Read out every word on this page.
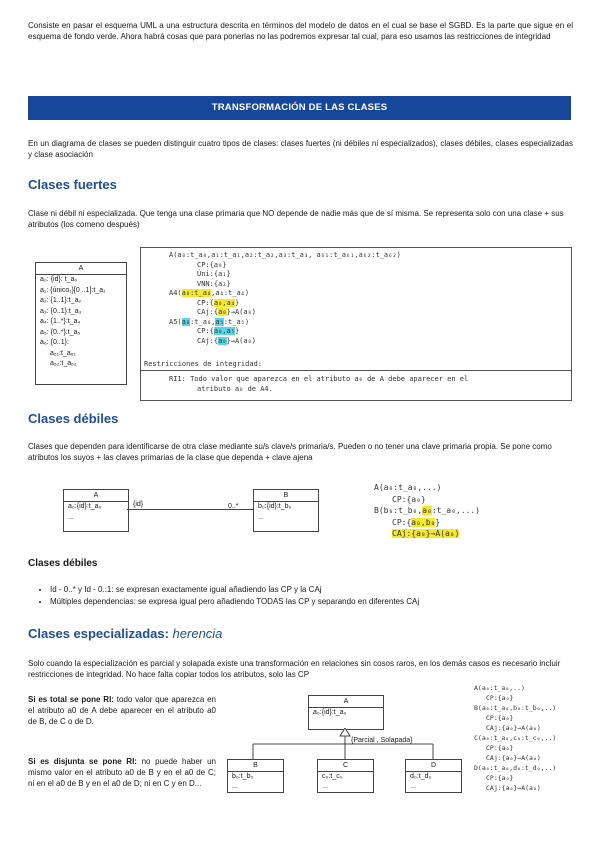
Consiste en pasar el esquema UML a una estructura descrita en términos del modelo de datos en el cual se base el SGBD. Es la parte que sigue en el esquema de fondo verde. Ahora habrá cosas que para ponerlas no las podremos expresar tal cual, para eso usamos las restricciones de integridad
TRANSFORMACIÓN DE LAS CLASES
En un diagrama de clases se pueden distinguir cuatro tipos de clases: clases fuertes (ni débiles ni especializados), clases débiles, clases especializadas y clase asociación
Clases fuertes
Clase ni débil ni especializada. Que tenga una clase primaria que NO depende de nadie más que de sí misma. Se representa solo con una clase + sus atributos (los comeno después)
A
a₀: {id}: t_a₀
a₁: {único₁}[0 ..1]:t_a₁
a₂: {1..1}:t_a₂
a₃: {0..1}:t_a₃
a₄: {1..*}:t_a₄
a₅: {0..*}:t_a₅
a₆: {0..1}:
a₆₁:t_a₆₁
a₆₂:t_a₆₂
A(a₀:t_a₀,a₁:t_a₁,a₂:t_a₂,a₃:t_a₃, a₆₁:t_a₆₁,a₆₂:t_a₆₂)
CP:{a₀}
Úni:{a₁}
VNN:{a₂}
A4(a₀:t_a₀,a₄:t_a₄)
CP:{a₀,a₄}
CAj:{a₀}→A(a₀)
A5(a₀:t_a₀,a₅:t_a₅)
CP:{a₀,a₅}
CAj:{a₀}→A(a₀)
Restricciones de integridad:
RI1: Todo valor que aparezca en el atributo a₀ de A debe aparecer en el
atributo a₀ de A4.
Clases débiles
Clases que dependen para identificarse de otra clase mediante su/s clave/s primaria/s. Pueden o no tener una clave primaria propia. Se pone como atributos los suyos + las claves primarias de la clase que dependa + clave ajena
A
a₀:{id}:t_a₀
...
{id}	0..*
B
b₀:{id}:t_b₀
...
A(a₀:t_a₀,...)
CP:{a₀}
B(b₀:t_b₀,a₀:t_a₀,...)
CP:{a₀,b₀}
CAj:{a₀}→A(a₀)
Clases débiles
• Id - 0..* y Id - 0..1: se expresan exactamente igual añadiendo las CP y la CAj
• Múltiples dependencias: se expresa igual pero añadiendo TODAS las CP y separando en diferentes CAj
Clases especializadas: herencia
Solo cuando la especialización es parcial y solapada existe una transformación en relaciones sin cosos raros, en los demás casos es necesario incluir restricciones de integridad. No hace falta copiar todos los atributos, solo las CP
Si es total se pone RI: todo valor que aparezca en el atributo a0 de A debe aparecer en el atributo a0 de B, de C o de D.
Si es disjunta se pone RI: no puede haber un mismo valor en el atributo a0 de B y en el a0 de C; ni en el a0 de B y en el a0 de D; ni en C y en D...
A
a₀:{id}:t_a₀
{Parcial , Solapada}
B
b₀:t_b₀
...
C
c₀:t_c₀
...
D
d₀:t_d₀
...
A(a₀:t_a₀,..)
CP:{a₀}
B(a₀:t_a₀,b₀:t_b₀,..)
CP:{a₀}
CAj:{a₀}→A(a₀)
C(a₀:t_a₀,c₀:t_c₀,..)
CP:{a₀}
CAj:{a₀}→A(a₀)
D(a₀:t_a₀,d₀:t_d₀,..)
CP:{a₀}
CAj:{a₀}→A(a₀)
